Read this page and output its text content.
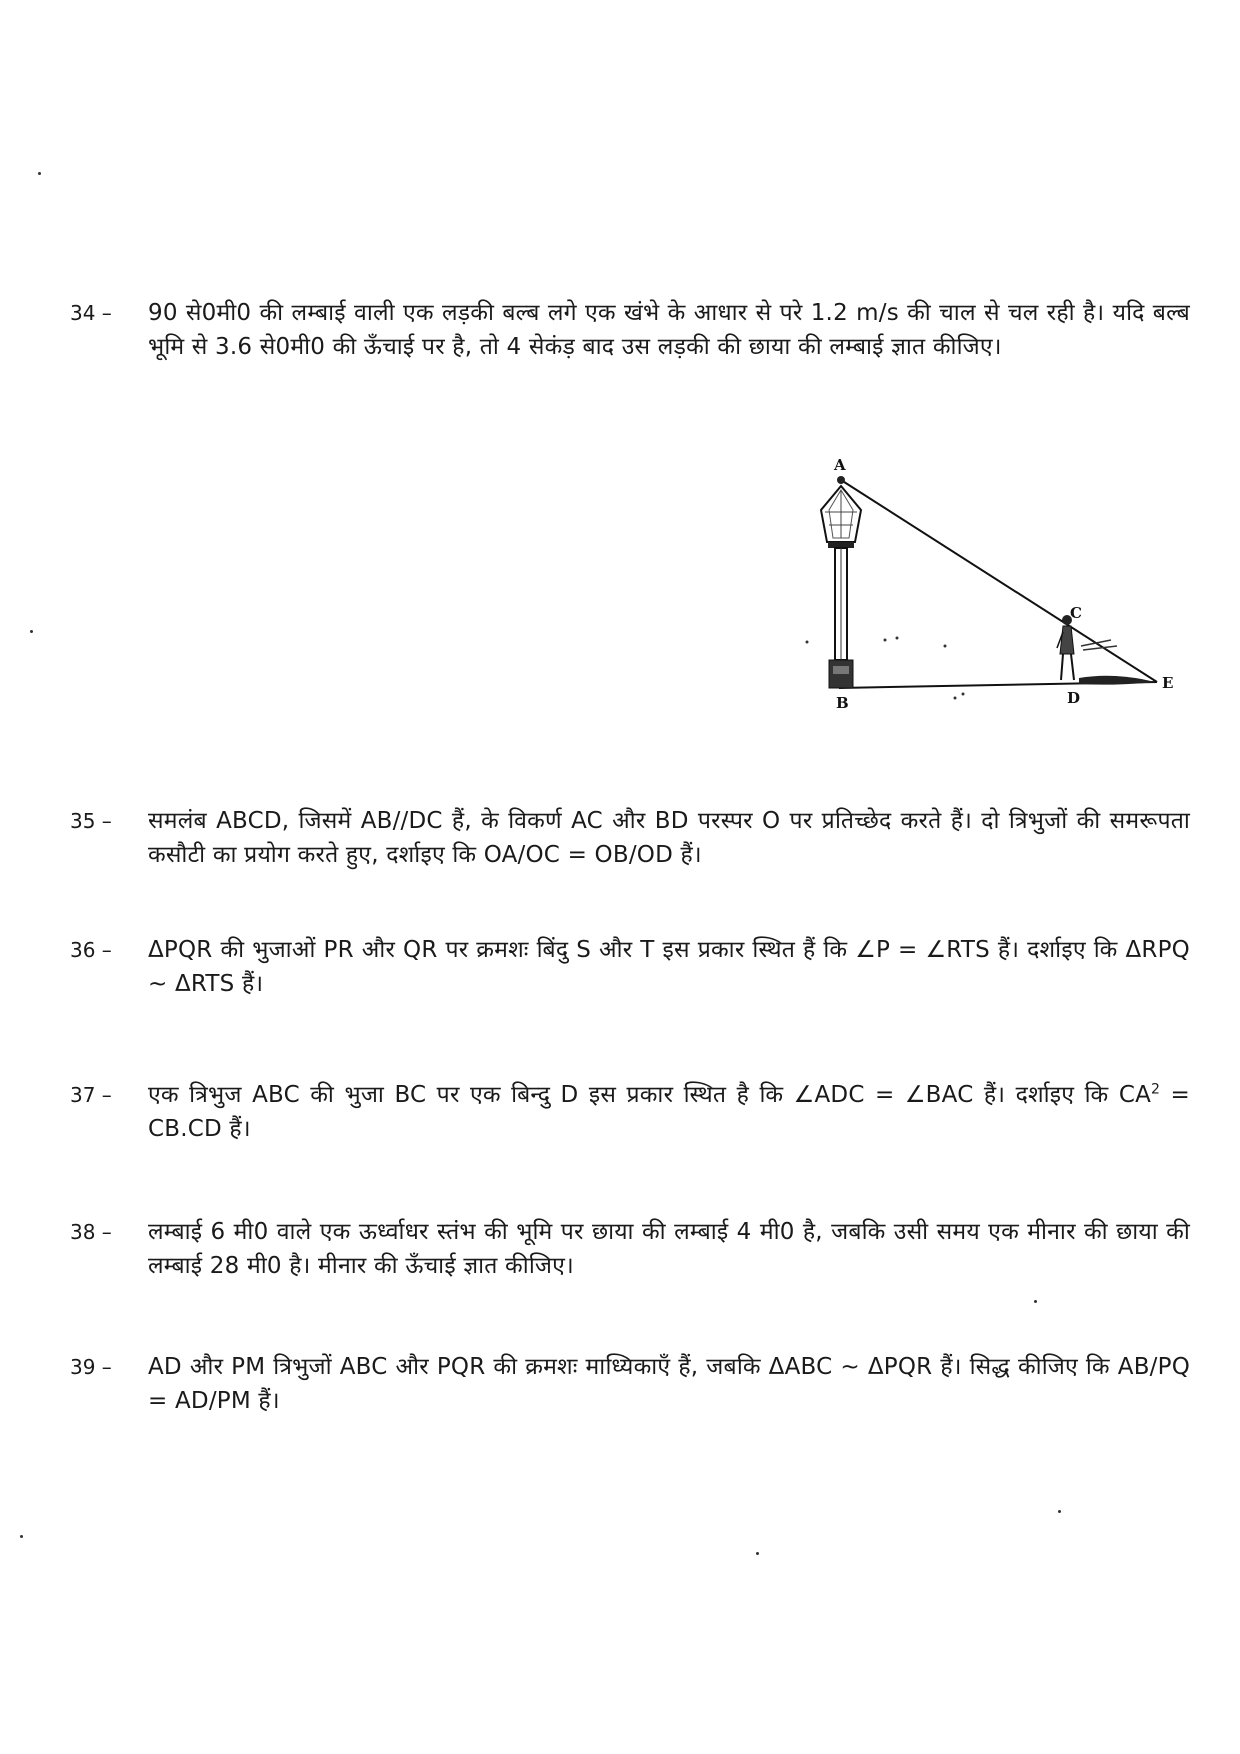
34 –	90 से0मी0 की लम्बाई वाली एक लड़की बल्ब लगे एक खंभे के आधार से परे 1.2 m/s की चाल से चल रही है। यदि बल्ब भूमि से 3.6 से0मी0 की ऊँचाई पर है, तो 4 सेकंड़ बाद उस लड़की की छाया की लम्बाई ज्ञात कीजिए।
A
B
C
D
E
35 –	समलंब ABCD, जिसमें AB//DC हैं, के विकर्ण AC और BD परस्पर O पर प्रतिच्छेद करते हैं। दो त्रिभुजों की समरूपता कसौटी का प्रयोग करते हुए, दर्शाइए कि OA/OC = OB/OD हैं।
36 –	ΔPQR की भुजाओं PR और QR पर क्रमशः बिंदु S और T इस प्रकार स्थित हैं कि ∠P = ∠RTS हैं। दर्शाइए कि ΔRPQ ~ ΔRTS हैं।
37 –	एक त्रिभुज ABC की भुजा BC पर एक बिन्दु D इस प्रकार स्थित है कि ∠ADC = ∠BAC हैं। दर्शाइए कि $CA^2 = CB.CD$ हैं।
38 –	लम्बाई 6 मी0 वाले एक ऊर्ध्वाधर स्तंभ की भूमि पर छाया की लम्बाई 4 मी0 है, जबकि उसी समय एक मीनार की छाया की लम्बाई 28 मी0 है। मीनार की ऊँचाई ज्ञात कीजिए।
39 –	AD और PM त्रिभुजों ABC और PQR की क्रमशः माध्यिकाएँ हैं, जबकि ΔABC ~ ΔPQR हैं। सिद्ध कीजिए कि AB/PQ = AD/PM हैं।
